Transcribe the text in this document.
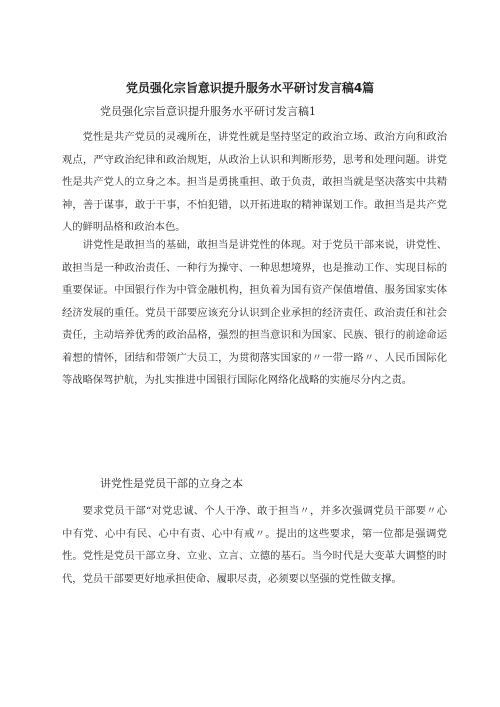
党员强化宗旨意识提升服务水平研讨发言稿4篇
党员强化宗旨意识提升服务水平研讨发言稿1

党性是共产党员的灵魂所在，讲党性就是坚持坚定的政治立场、政治方向和政治观点，严守政治纪律和政治规矩，从政治上认识和判断形势，思考和处理问题。讲党性是共产党人的立身之本。担当是勇挑重担、敢于负责，敢担当就是坚决落实中共精神，善于谋事，敢于干事，不怕犯错，以开拓进取的精神谋划工作。敢担当是共产党人的鲜明品格和政治本色。

讲党性是敢担当的基础，敢担当是讲党性的体现。对于党员干部来说，讲党性、敢担当是一种政治责任、一种行为操守、一种思想境界，也是推动工作、实现目标的重要保证。中国银行作为中管金融机构，担负着为国有资产保值增值、服务国家实体经济发展的重任。党员干部要应该充分认识到企业承担的经济责任、政治责任和社会责任，主动培养优秀的政治品格，强烈的担当意识和为国家、民族、银行的前途命运着想的情怀，团结和带领广大员工，为贯彻落实国家的〃一带一路〃、人民币国际化等战略保驾护航，为扎实推进中国银行国际化网络化战略的实施尽分内之责。

讲党性是党员干部的立身之本

要求党员干部“对党忠诚、个人干净、敢于担当〃，并多次强调党员干部要〃心中有党、心中有民、心中有责、心中有戒〃。提出的这些要求，第一位都是强调党性。党性是党员干部立身、立业、立言、立德的基石。当今时代是大变革大调整的时代，党员干部要更好地承担使命、履职尽责，必须要以坚强的党性做支撑。
